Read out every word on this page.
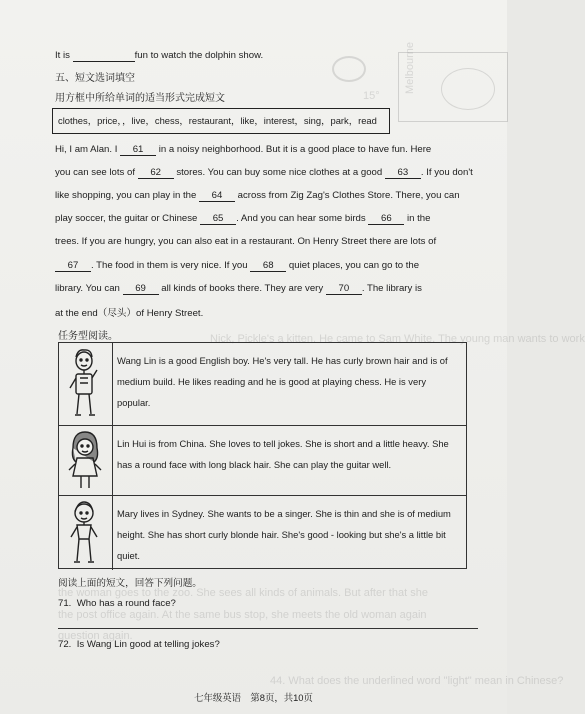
Melbourne
15°
Nick, Pickle's a kitten. He came to Sam White. The young man wants to work
the woman goes to the zoo. She sees all kinds of animals. But after that she
the post office again. At the same bus stop, she meets the old woman again
question again.
44. What does the underlined word "light" mean in Chinese?
It is	fun to watch the dolphin show.
五、短文选词填空
用方框中所给单词的适当形式完成短文
clothes，price，，live，chess，restaurant，like，interest，sing，park，read
Hi, I am Alan. I 61 in a noisy neighborhood. But it is a good place to have fun. Here
you can see lots of 62 stores. You can buy some nice clothes at a good 63 . If you don't
like shopping, you can play in the 64 across from Zig Zag's Clothes Store. There, you can
play soccer, the guitar or Chinese 65 . And you can hear some birds 66 in the
trees. If you are hungry, you can also eat in a restaurant. On Henry Street there are lots of
67 . The food in them is very nice. If you 68 quiet places, you can go to the
library. You can 69 all kinds of books there. They are very 70 . The library is
at the end（尽头）of Henry Street.
任务型阅读。
Wang Lin is a good English boy. He's very tall. He has curly brown hair and is of medium build. He likes reading and he is good at playing chess. He is very popular.
Lin Hui is from China. She loves to tell jokes. She is short and a little heavy. She has a round face with long black hair. She can play the guitar well.
Mary lives in Sydney. She wants to be a singer. She is thin and she is of medium height. She has short curly blonde hair. She's good - looking but she's a little bit quiet.
阅读上面的短文，回答下列问题。
71. Who has a round face?
72. Is Wang Lin good at telling jokes?
七年级英语　第8页，共10页
